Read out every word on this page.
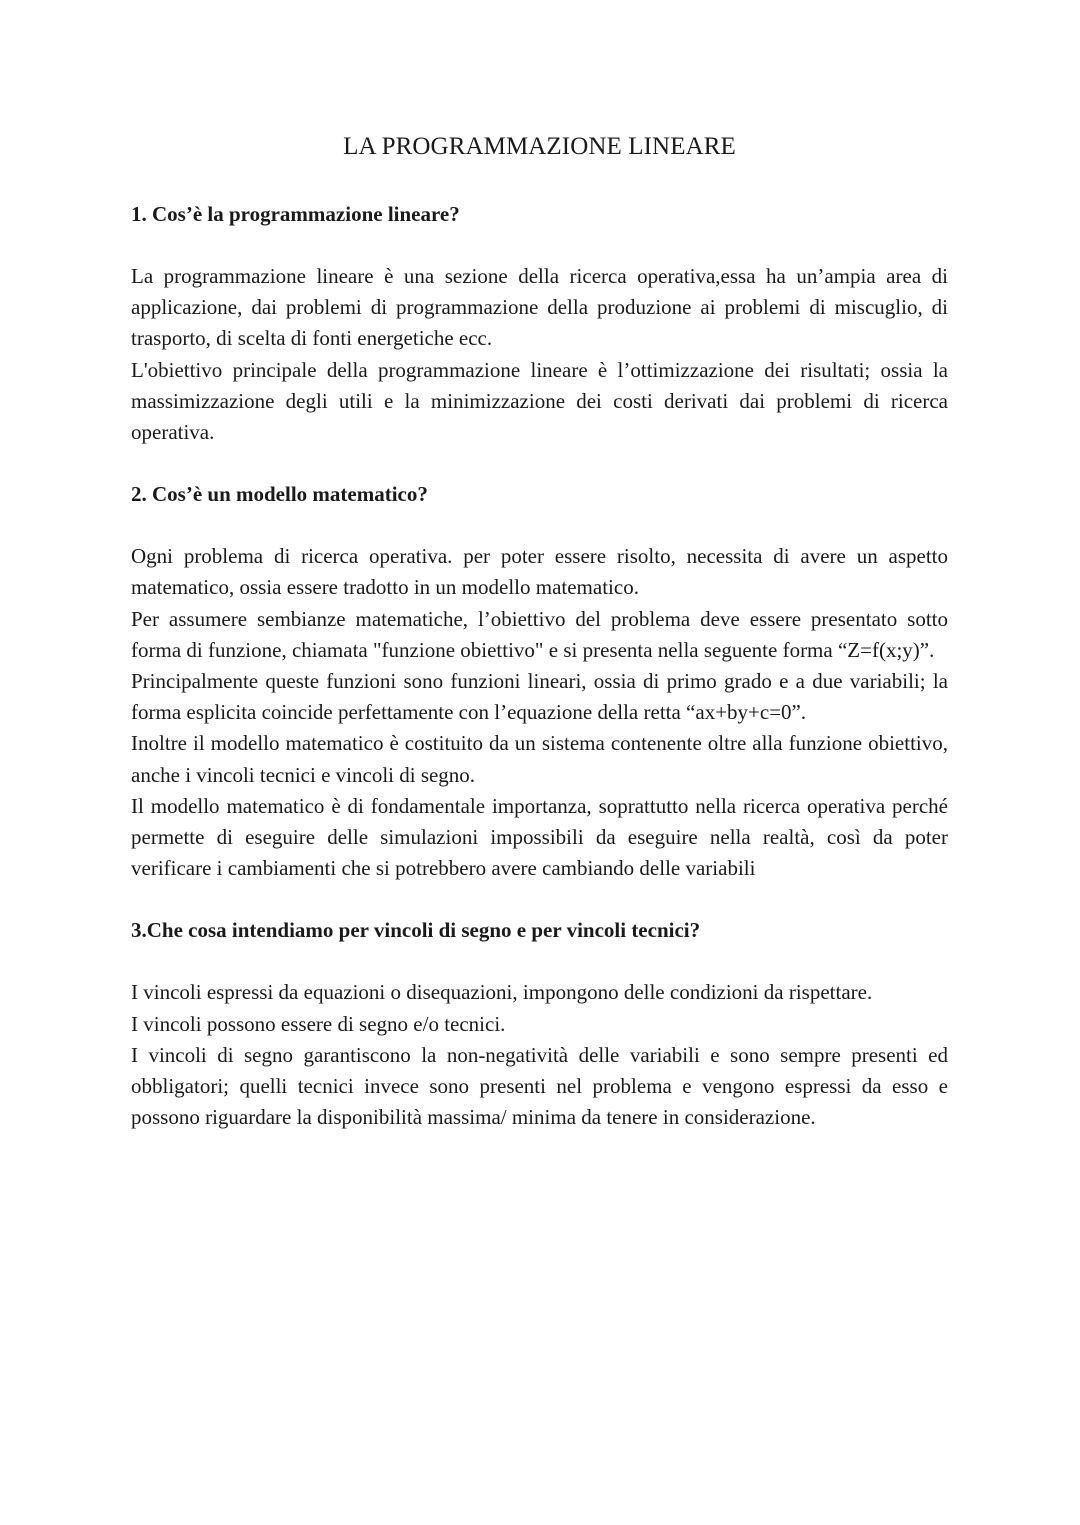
LA PROGRAMMAZIONE LINEARE
1. Cos’è la programmazione lineare?

La programmazione lineare è una sezione della ricerca operativa,essa ha un’ampia area di applicazione, dai problemi di programmazione della produzione ai problemi di miscuglio, di trasporto, di scelta di fonti energetiche ecc.

L'obiettivo principale della programmazione lineare è l’ottimizzazione dei risultati; ossia la massimizzazione degli utili e la minimizzazione dei costi derivati dai problemi di ricerca operativa.

2. Cos’è un modello matematico?

Ogni problema di ricerca operativa. per poter essere risolto, necessita di avere un aspetto matematico, ossia essere tradotto in un modello matematico.

Per assumere sembianze matematiche, l’obiettivo del problema deve essere presentato sotto forma di funzione, chiamata "funzione obiettivo" e si presenta nella seguente forma “Z=f(x;y)”.

Principalmente queste funzioni sono funzioni lineari, ossia di primo grado e a due variabili; la forma esplicita coincide perfettamente con l’equazione della retta “ax+by+c=0”.

Inoltre il modello matematico è costituito da un sistema contenente oltre alla funzione obiettivo, anche i vincoli tecnici e vincoli di segno.

Il modello matematico è di fondamentale importanza, soprattutto nella ricerca operativa perché permette di eseguire delle simulazioni impossibili da eseguire nella realtà, così da poter verificare i cambiamenti che si potrebbero avere cambiando delle variabili

3.Che cosa intendiamo per vincoli di segno e per vincoli tecnici?

I vincoli espressi da equazioni o disequazioni, impongono delle condizioni da rispettare.

I vincoli possono essere di segno e/o tecnici.

I vincoli di segno garantiscono la non-negatività delle variabili e sono sempre presenti ed obbligatori; quelli tecnici invece sono presenti nel problema e vengono espressi da esso e possono riguardare la disponibilità massima/ minima da tenere in considerazione.
